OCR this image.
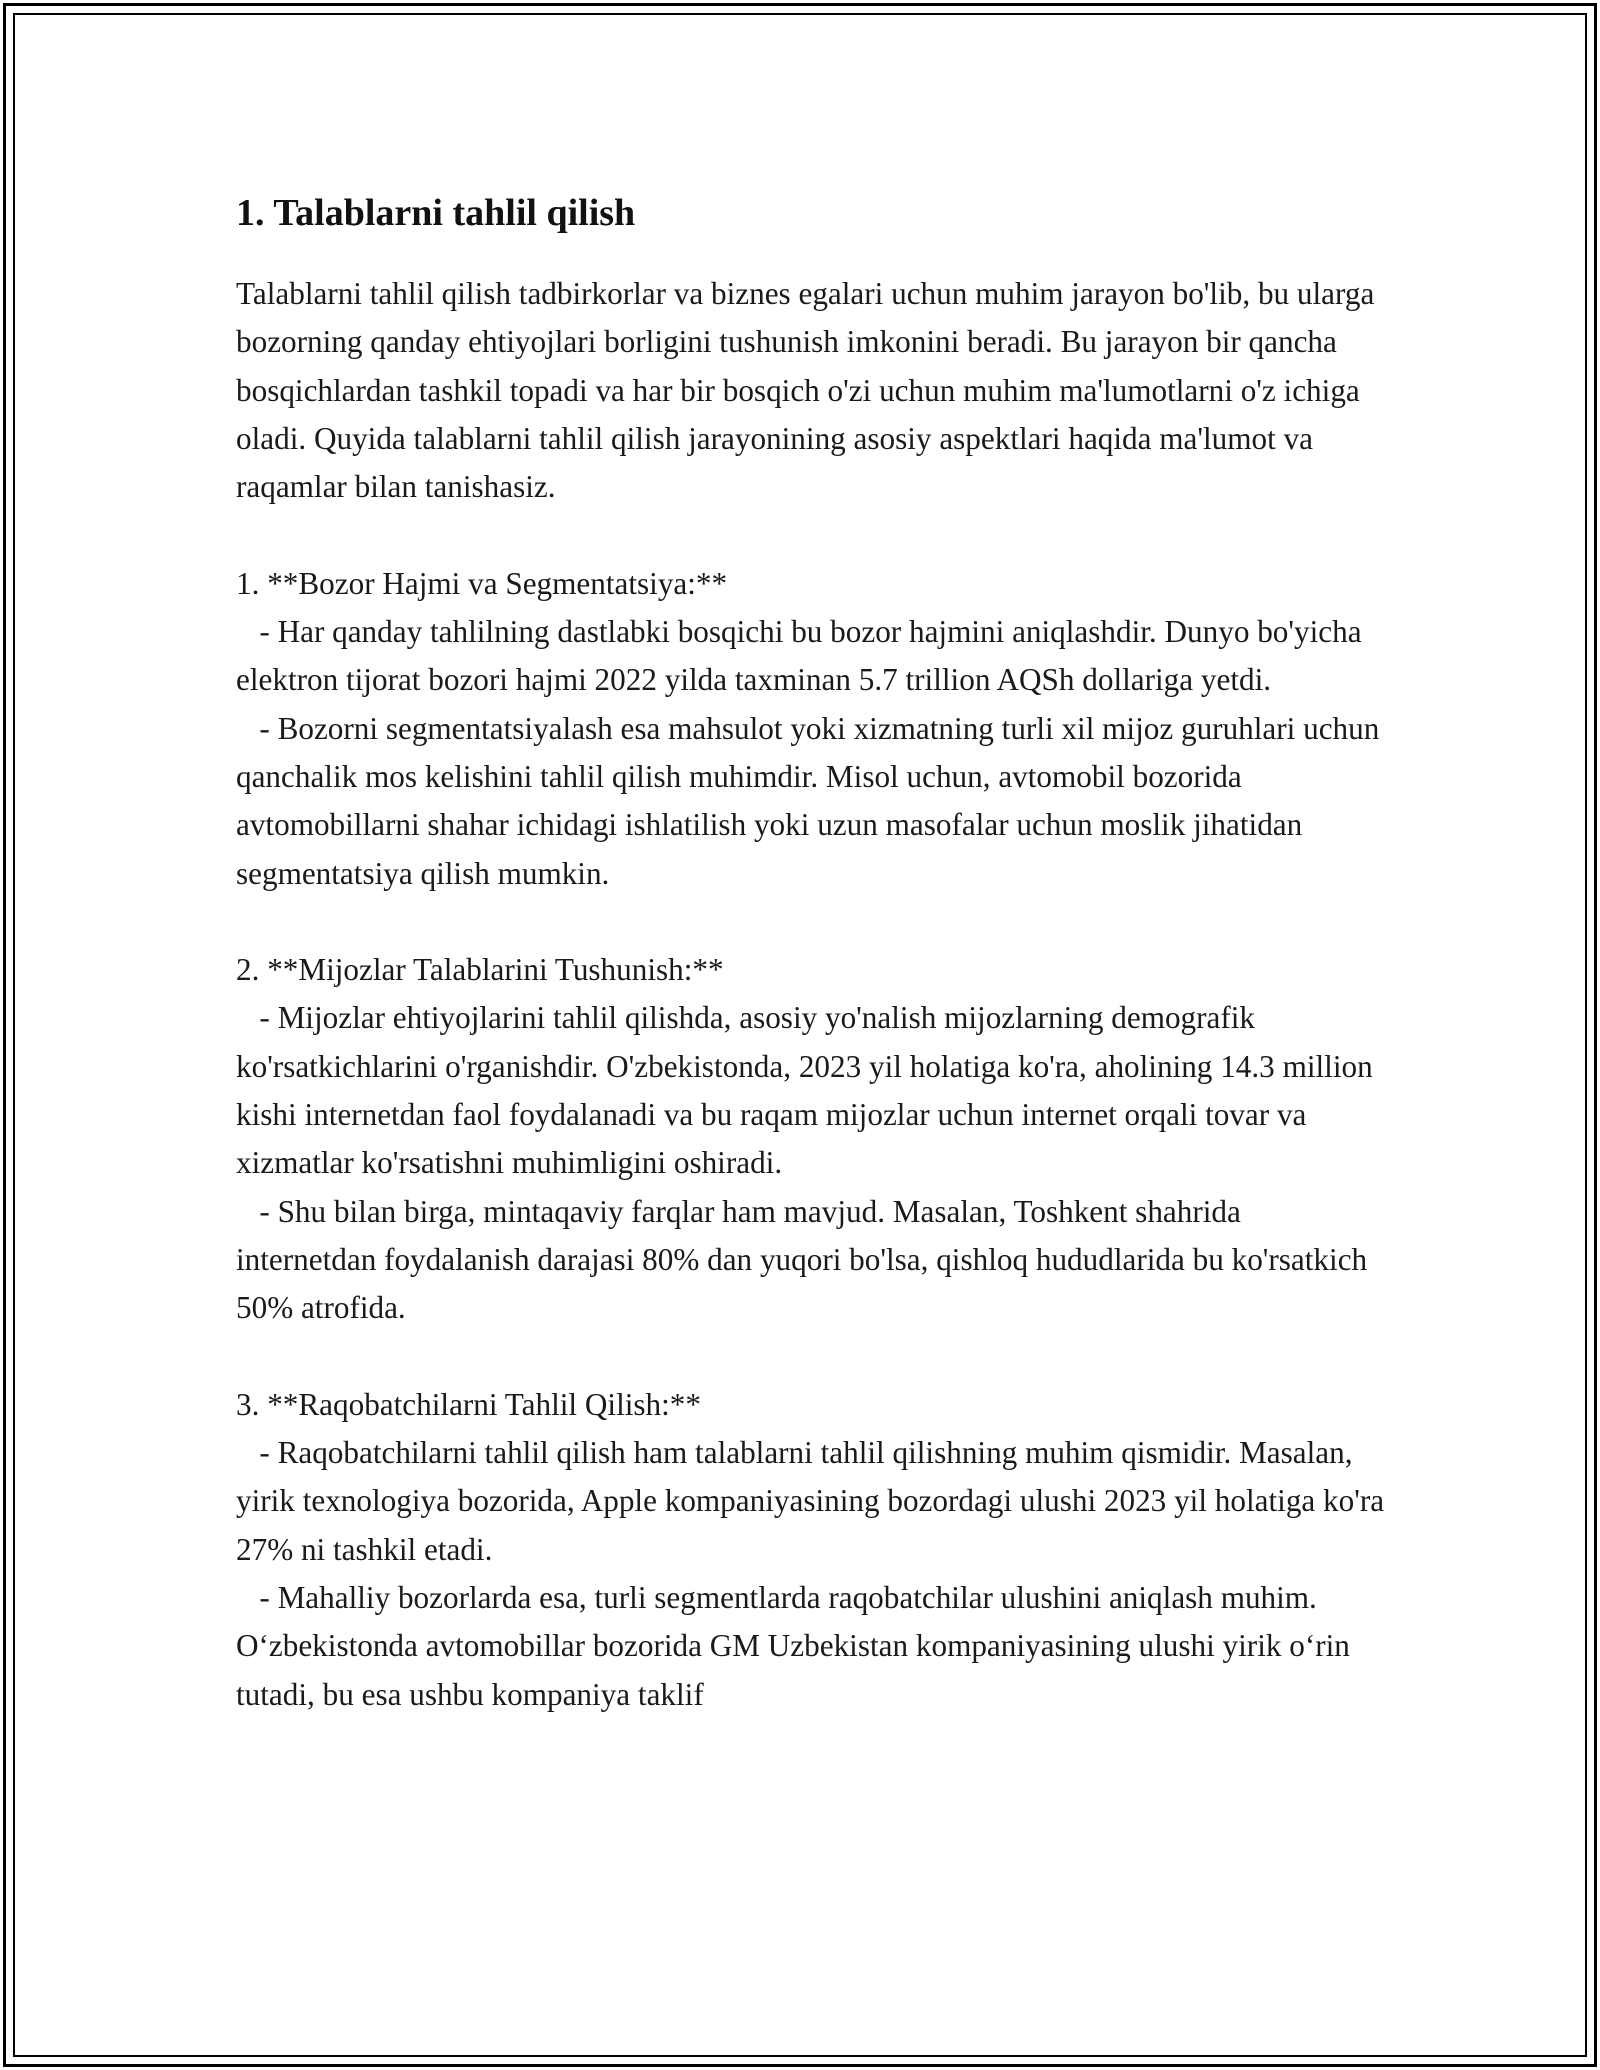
1. Talablarni tahlil qilish

Talablarni tahlil qilish tadbirkorlar va biznes egalari uchun muhim jarayon bo'lib, bu ularga bozorning qanday ehtiyojlari borligini tushunish imkonini beradi. Bu jarayon bir qancha bosqichlardan tashkil topadi va har bir bosqich o'zi uchun muhim ma'lumotlarni o'z ichiga oladi. Quyida talablarni tahlil qilish jarayonining asosiy aspektlari haqida ma'lumot va raqamlar bilan tanishasiz.

1. **Bozor Hajmi va Segmentatsiya:**

- Har qanday tahlilning dastlabki bosqichi bu bozor hajmini aniqlashdir. Dunyo bo'yicha elektron tijorat bozori hajmi 2022 yilda taxminan 5.7 trillion AQSh dollariga yetdi.

- Bozorni segmentatsiyalash esa mahsulot yoki xizmatning turli xil mijoz guruhlari uchun qanchalik mos kelishini tahlil qilish muhimdir. Misol uchun, avtomobil bozorida avtomobillarni shahar ichidagi ishlatilish yoki uzun masofalar uchun moslik jihatidan segmentatsiya qilish mumkin.

2. **Mijozlar Talablarini Tushunish:**

- Mijozlar ehtiyojlarini tahlil qilishda, asosiy yo'nalish mijozlarning demografik ko'rsatkichlarini o'rganishdir. O'zbekistonda, 2023 yil holatiga ko'ra, aholining 14.3 million kishi internetdan faol foydalanadi va bu raqam mijozlar uchun internet orqali tovar va xizmatlar ko'rsatishni muhimligini oshiradi.

- Shu bilan birga, mintaqaviy farqlar ham mavjud. Masalan, Toshkent shahrida internetdan foydalanish darajasi 80% dan yuqori bo'lsa, qishloq hududlarida bu ko'rsatkich 50% atrofida.

3. **Raqobatchilarni Tahlil Qilish:**

- Raqobatchilarni tahlil qilish ham talablarni tahlil qilishning muhim qismidir. Masalan, yirik texnologiya bozorida, Apple kompaniyasining bozordagi ulushi 2023 yil holatiga ko'ra 27% ni tashkil etadi.

- Mahalliy bozorlarda esa, turli segmentlarda raqobatchilar ulushini aniqlash muhim. O‘zbekistonda avtomobillar bozorida GM Uzbekistan kompaniyasining ulushi yirik o‘rin tutadi, bu esa ushbu kompaniya taklif
